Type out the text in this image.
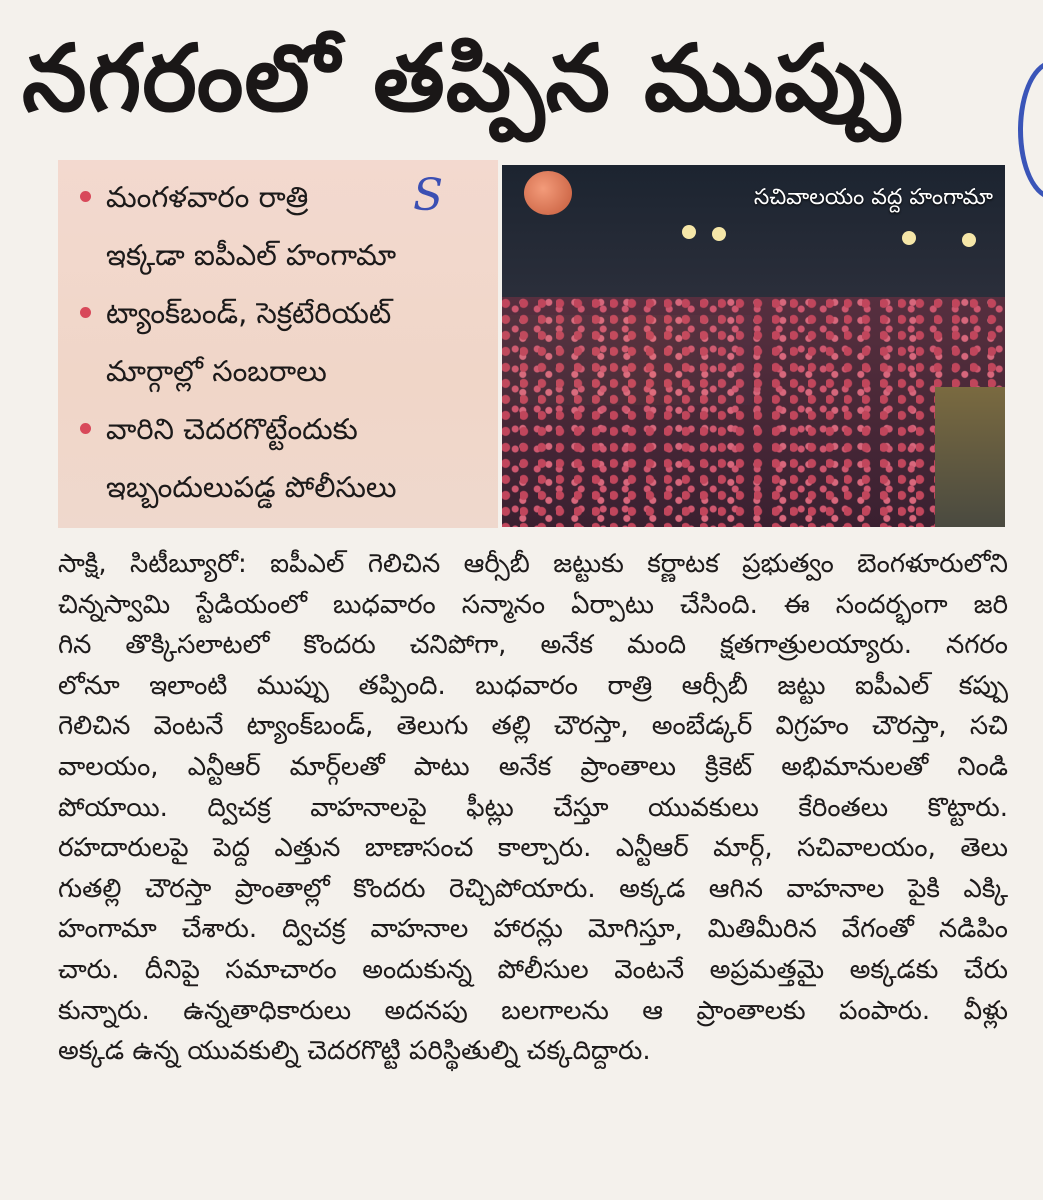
నగరంలో తప్పిన ముప్పు
మంగళవారం రాత్రి
ఇక్కడా ఐపీఎల్ హంగామా
ట్యాంక్‌బండ్, సెక్రటేరియట్
మార్గాల్లో సంబరాలు
వారిని చెదరగొట్టేందుకు
ఇబ్బందులుపడ్డ పోలీసులు
S	సచివాలయం వద్ద హంగామా
సాక్షి, సిటీబ్యూరో: ఐపీఎల్ గెలిచిన ఆర్సీబీ జట్టుకు కర్ణాటక ప్రభుత్వం బెంగళూరులోని
చిన్నస్వామి స్టేడియంలో బుధవారం సన్మానం ఏర్పాటు చేసింది. ఈ సందర్భంగా జరి
గిన తొక్కిసలాటలో కొందరు చనిపోగా, అనేక మంది క్షతగాత్రులయ్యారు. నగరం
లోనూ ఇలాంటి ముప్పు తప్పింది. బుధవారం రాత్రి ఆర్సీబీ జట్టు ఐపీఎల్ కప్పు
గెలిచిన వెంటనే ట్యాంక్‌బండ్, తెలుగు తల్లి చౌరస్తా, అంబేడ్కర్ విగ్రహం చౌరస్తా, సచి
వాలయం, ఎన్టీఆర్ మార్గ్‌లతో పాటు అనేక ప్రాంతాలు క్రికెట్ అభిమానులతో నిండి
పోయాయి. ద్విచక్ర వాహనాలపై ఫీట్లు చేస్తూ యువకులు కేరింతలు కొట్టారు.
రహదారులపై పెద్ద ఎత్తున బాణాసంచ కాల్చారు. ఎన్టీఆర్ మార్గ్, సచివాలయం, తెలు
గుతల్లి చౌరస్తా ప్రాంతాల్లో కొందరు రెచ్చిపోయారు. అక్కడ ఆగిన వాహనాల పైకి ఎక్కి
హంగామా చేశారు. ద్విచక్ర వాహనాల హారన్లు మోగిస్తూ, మితిమీరిన వేగంతో నడిపిం
చారు. దీనిపై సమాచారం అందుకున్న పోలీసుల వెంటనే అప్రమత్తమై అక్కడకు చేరు
కున్నారు. ఉన్నతాధికారులు అదనపు బలగాలను ఆ ప్రాంతాలకు పంపారు. వీళ్లు
అక్కడ ఉన్న యువకుల్ని చెదరగొట్టి పరిస్థితుల్ని చక్కదిద్దారు.
